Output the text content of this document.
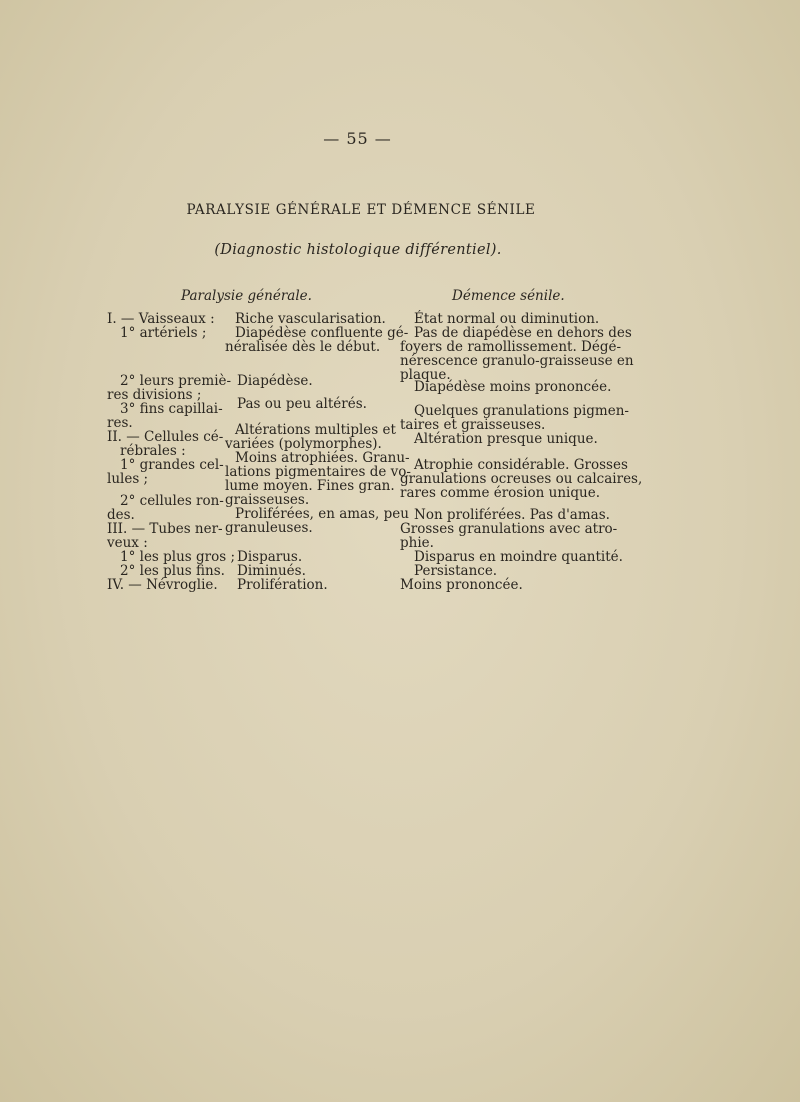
— 55 —
PARALYSIE GÉNÉRALE ET DÉMENCE SÉNILE
(Diagnostic histologique différentiel).
Paralysie générale.	Démence sénile.
I. — Vaisseaux :
1° artériels ;
2° leurs premiè-
res divisions ;
3° fins capillai-
res.
II. — Cellules cé-
rébrales :
1° grandes cel-
lules ;
2° cellules ron-
des.
III. — Tubes ner-
veux :
1° les plus gros ;
2° les plus fins.
IV. — Névroglie.
Riche vascularisation.
Diapédèse confluente gé-
néralisée dès le début.
Diapédèse.
Pas ou peu altérés.
Altérations multiples et
variées (polymorphes).
Moins atrophiées. Granu-
lations pigmentaires de vo-
lume moyen. Fines gran.
graisseuses.
Proliférées, en amas, peu
granuleuses.
Disparus.
Diminués.
Prolifération.
État normal ou diminution.
Pas de diapédèse en dehors des
foyers de ramollissement. Dégé-
nérescence granulo-graisseuse en
plaque.
Diapédèse moins prononcée.
Quelques granulations pigmen-
taires et graisseuses.
Altération presque unique.
Atrophie considérable. Grosses
granulations ocreuses ou calcaires,
rares comme érosion unique.
Non proliférées. Pas d'amas.
Grosses granulations avec atro-
phie.
Disparus en moindre quantité.
Persistance.
Moins prononcée.
